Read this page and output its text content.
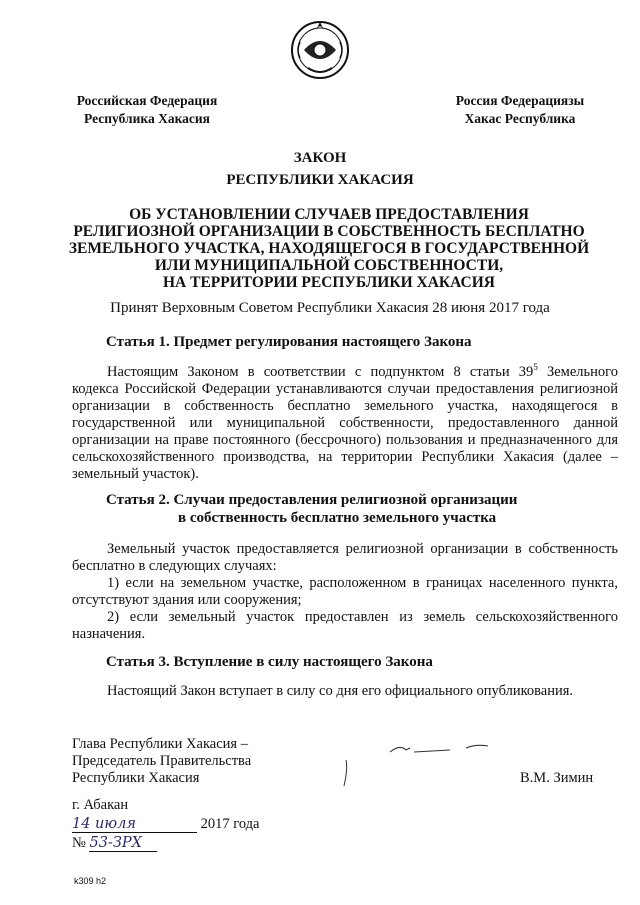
Российская Федерация
Республика Хакасия
Россия Федерациязы
Хакас Республика
ЗАКОН
РЕСПУБЛИКИ ХАКАСИЯ
ОБ УСТАНОВЛЕНИИ СЛУЧАЕВ ПРЕДОСТАВЛЕНИЯ
РЕЛИГИОЗНОЙ ОРГАНИЗАЦИИ В СОБСТВЕННОСТЬ БЕСПЛАТНО
ЗЕМЕЛЬНОГО УЧАСТКА, НАХОДЯЩЕГОСЯ В ГОСУДАРСТВЕННОЙ
ИЛИ МУНИЦИПАЛЬНОЙ СОБСТВЕННОСТИ,
НА ТЕРРИТОРИИ РЕСПУБЛИКИ ХАКАСИЯ
Принят Верховным Советом Республики Хакасия 28 июня 2017 года
Статья 1. Предмет регулирования настоящего Закона

Настоящим Законом в соответствии с подпунктом 8 статьи $39^5$ Земельного кодекса Российской Федерации устанавливаются случаи предоставления религиозной организации в собственность бесплатно земельного участка, находящегося в государственной или муниципальной собственности, предоставленного данной организации на праве постоянного (бессрочного) пользования и предназначенного для сельскохозяйственного производства, на территории Республики Хакасия (далее – земельный участок).

Статья 2. Случаи предоставления религиозной организации
в собственность бесплатно земельного участка

Земельный участок предоставляется религиозной организации в собственность бесплатно в следующих случаях:

1) если на земельном участке, расположенном в границах населенного пункта, отсутствуют здания или сооружения;

2) если земельный участок предоставлен из земель сельскохозяйственного назначения.

Статья 3. Вступление в силу настоящего Закона

Настоящий Закон вступает в силу со дня его официального опубликования.

Глава Республики Хакасия –
Председатель Правительства
Республики Хакасия	В.М. Зимин
г. Абакан
14 июля	2017 года
№ 53-ЗРХ
k309 h2
